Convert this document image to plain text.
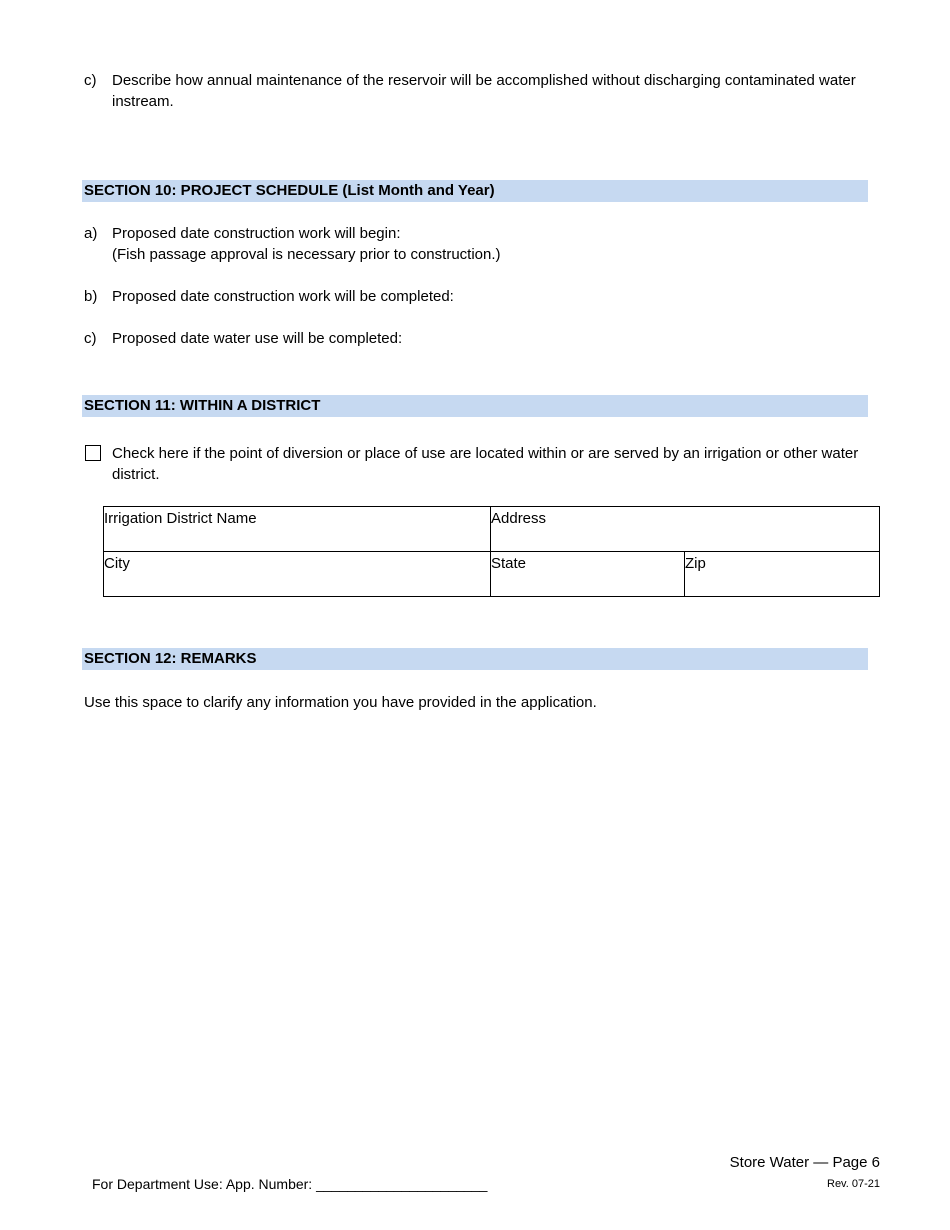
c) Describe how annual maintenance of the reservoir will be accomplished without discharging contaminated water instream.
SECTION 10: PROJECT SCHEDULE (List Month and Year)
a) Proposed date construction work will begin:
(Fish passage approval is necessary prior to construction.)
b) Proposed date construction work will be completed:
c) Proposed date water use will be completed:
SECTION 11: WITHIN A DISTRICT
Check here if the point of diversion or place of use are located within or are served by an irrigation or other water district.
Irrigation District Name	Address	
City	State	Zip
SECTION 12: REMARKS
Use this space to clarify any information you have provided in the application.
Store Water — Page 6
For Department Use: App. Number: ______________________	Rev. 07-21
